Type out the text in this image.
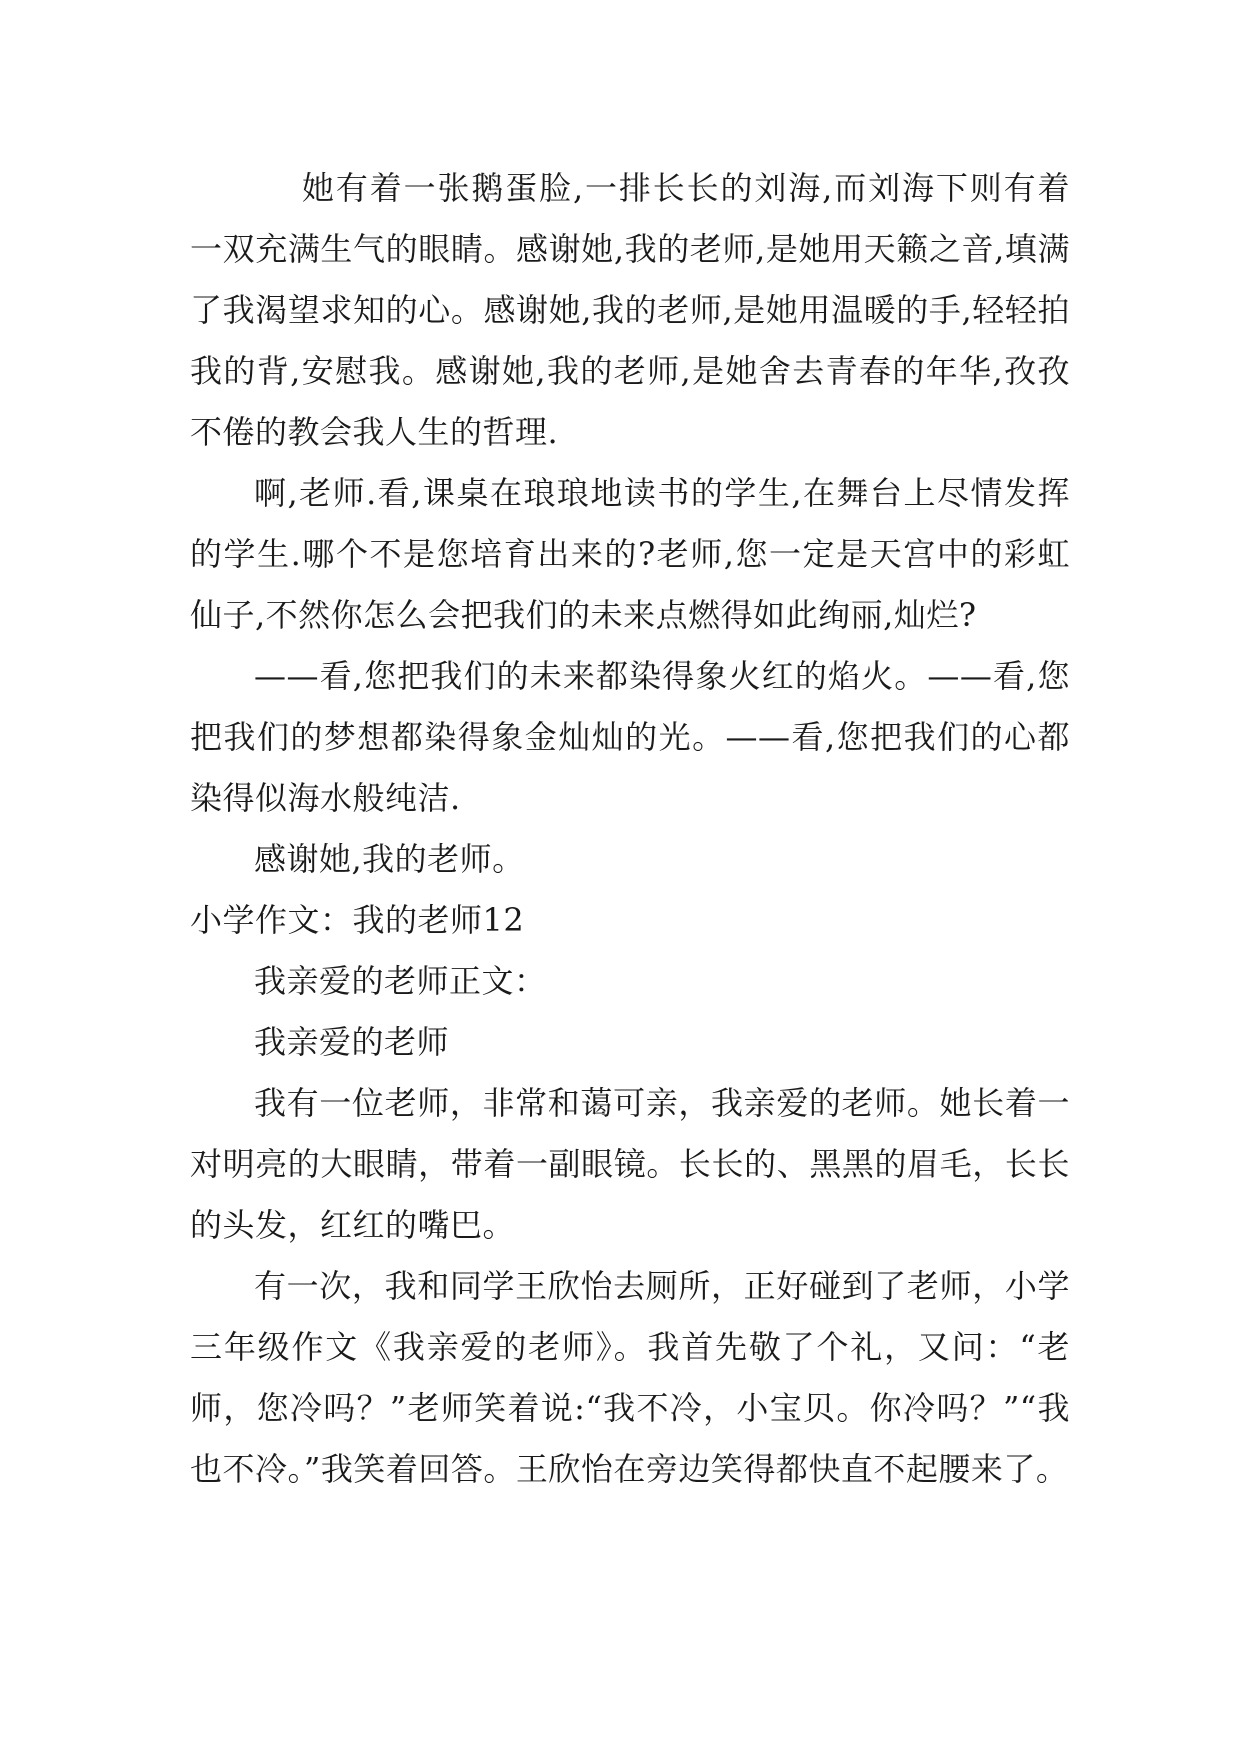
她有着一张鹅蛋脸,一排长长的刘海,而刘海下则有着一双充满生气的眼睛。感谢她,我的老师,是她用天籁之音,填满了我渴望求知的心。感谢她,我的老师,是她用温暖的手,轻轻拍我的背,安慰我。感谢她,我的老师,是她舍去青春的年华,孜孜不倦的教会我人生的哲理.

啊,老师.看,课桌在琅琅地读书的学生,在舞台上尽情发挥的学生.哪个不是您培育出来的?老师,您一定是天宫中的彩虹仙子,不然你怎么会把我们的未来点燃得如此绚丽,灿烂?

——看,您把我们的未来都染得象火红的焰火。——看,您把我们的梦想都染得象金灿灿的光。——看,您把我们的心都染得似海水般纯洁.

感谢她,我的老师。

小学作文：我的老师12

我亲爱的老师正文：

我亲爱的老师

我有一位老师，非常和蔼可亲，我亲爱的老师。她长着一对明亮的大眼睛，带着一副眼镜。长长的、黑黑的眉毛，长长的头发，红红的嘴巴。

有一次，我和同学王欣怡去厕所，正好碰到了老师，小学三年级作文《我亲爱的老师》。我首先敬了个礼，又问：“老师，您冷吗？”老师笑着说:“我不冷，小宝贝。你冷吗？”“我也不冷。”我笑着回答。王欣怡在旁边笑得都快直不起腰来了。
